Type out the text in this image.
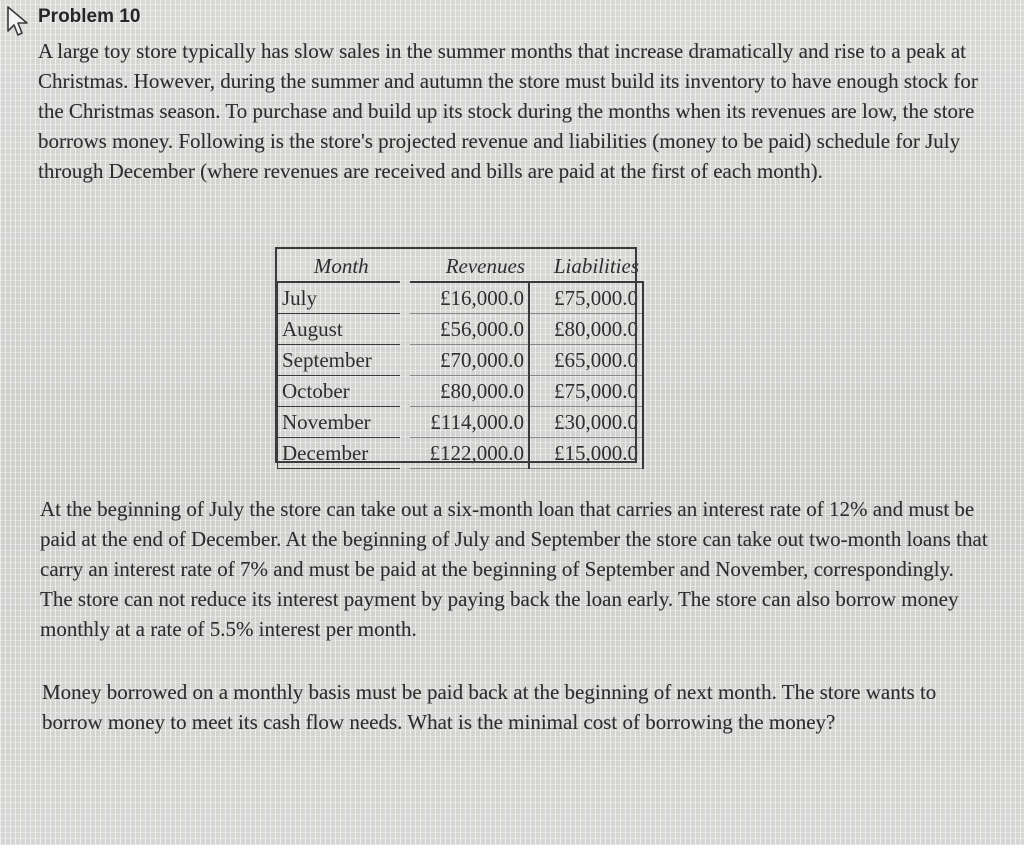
Problem 10

A large toy store typically has slow sales in the summer months that increase dramatically and rise to a peak at Christmas. However, during the summer and autumn the store must build its inventory to have enough stock for the Christmas season. To purchase and build up its stock during the months when its revenues are low, the store borrows money. Following is the store's projected revenue and liabilities (money to be paid) schedule for July through December (where revenues are received and bills are paid at the first of each month).

Month	Revenues	Liabilities
July	£16,000.0	£75,000.0
August	£56,000.0	£80,000.0
September	£70,000.0	£65,000.0
October	£80,000.0	£75,000.0
November	£114,000.0	£30,000.0
December	£122,000.0	£15,000.0

At the beginning of July the store can take out a six-month loan that carries an interest rate of 12% and must be paid at the end of December. At the beginning of July and September the store can take out two-month loans that carry an interest rate of 7% and must be paid at the beginning of September and November, correspondingly. The store can not reduce its interest payment by paying back the loan early. The store can also borrow money monthly at a rate of 5.5% interest per month.

Money borrowed on a monthly basis must be paid back at the beginning of next month. The store wants to borrow money to meet its cash flow needs. What is the minimal cost of borrowing the money?
